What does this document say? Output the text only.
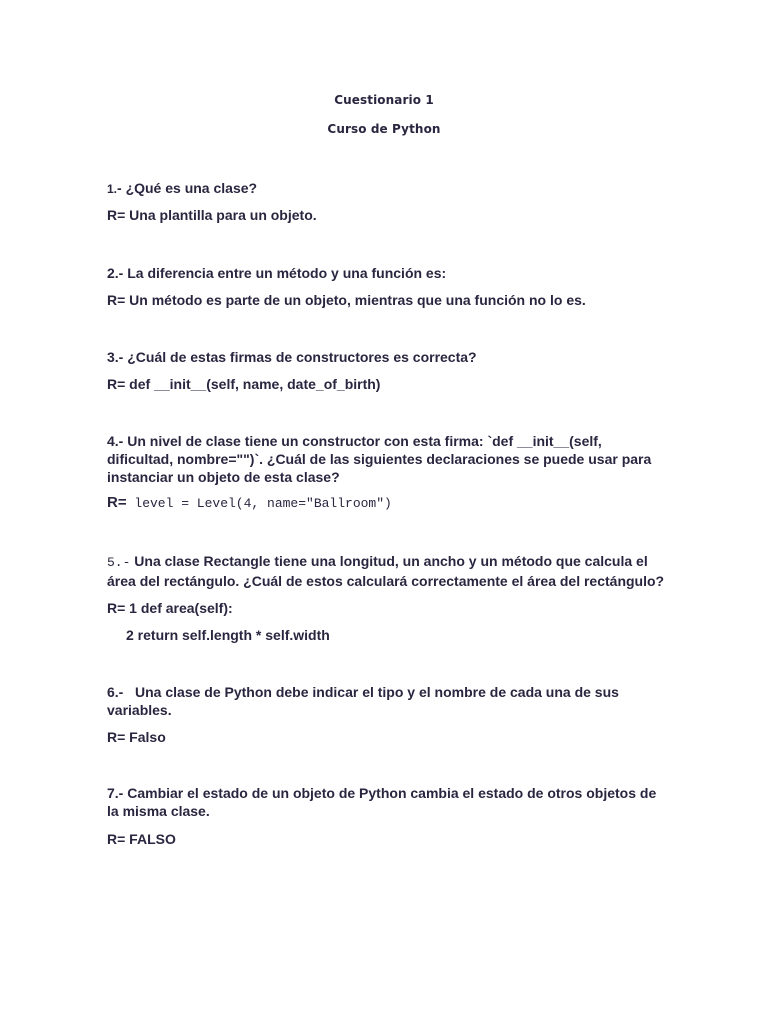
Cuestionario 1
Curso de Python
1.- ¿Qué es una clase?
R= Una plantilla para un objeto.
2.- La diferencia entre un método y una función es:
R= Un método es parte de un objeto, mientras que una función no lo es.
3.- ¿Cuál de estas firmas de constructores es correcta?
R= def __init__(self, name, date_of_birth)
4.- Un nivel de clase tiene un constructor con esta firma: `def __init__(self,
dificultad, nombre="")`. ¿Cuál de las siguientes declaraciones se puede usar para
instanciar un objeto de esta clase?
R= level = Level(4, name="Ballroom")
5.- Una clase Rectangle tiene una longitud, un ancho y un método que calcula el
área del rectángulo. ¿Cuál de estos calculará correctamente el área del rectángulo?
R= 1 def area(self):
2 return self.length * self.width
6.-   Una clase de Python debe indicar el tipo y el nombre de cada una de sus
variables.
R= Falso
7.- Cambiar el estado de un objeto de Python cambia el estado de otros objetos de
la misma clase.
R= FALSO
